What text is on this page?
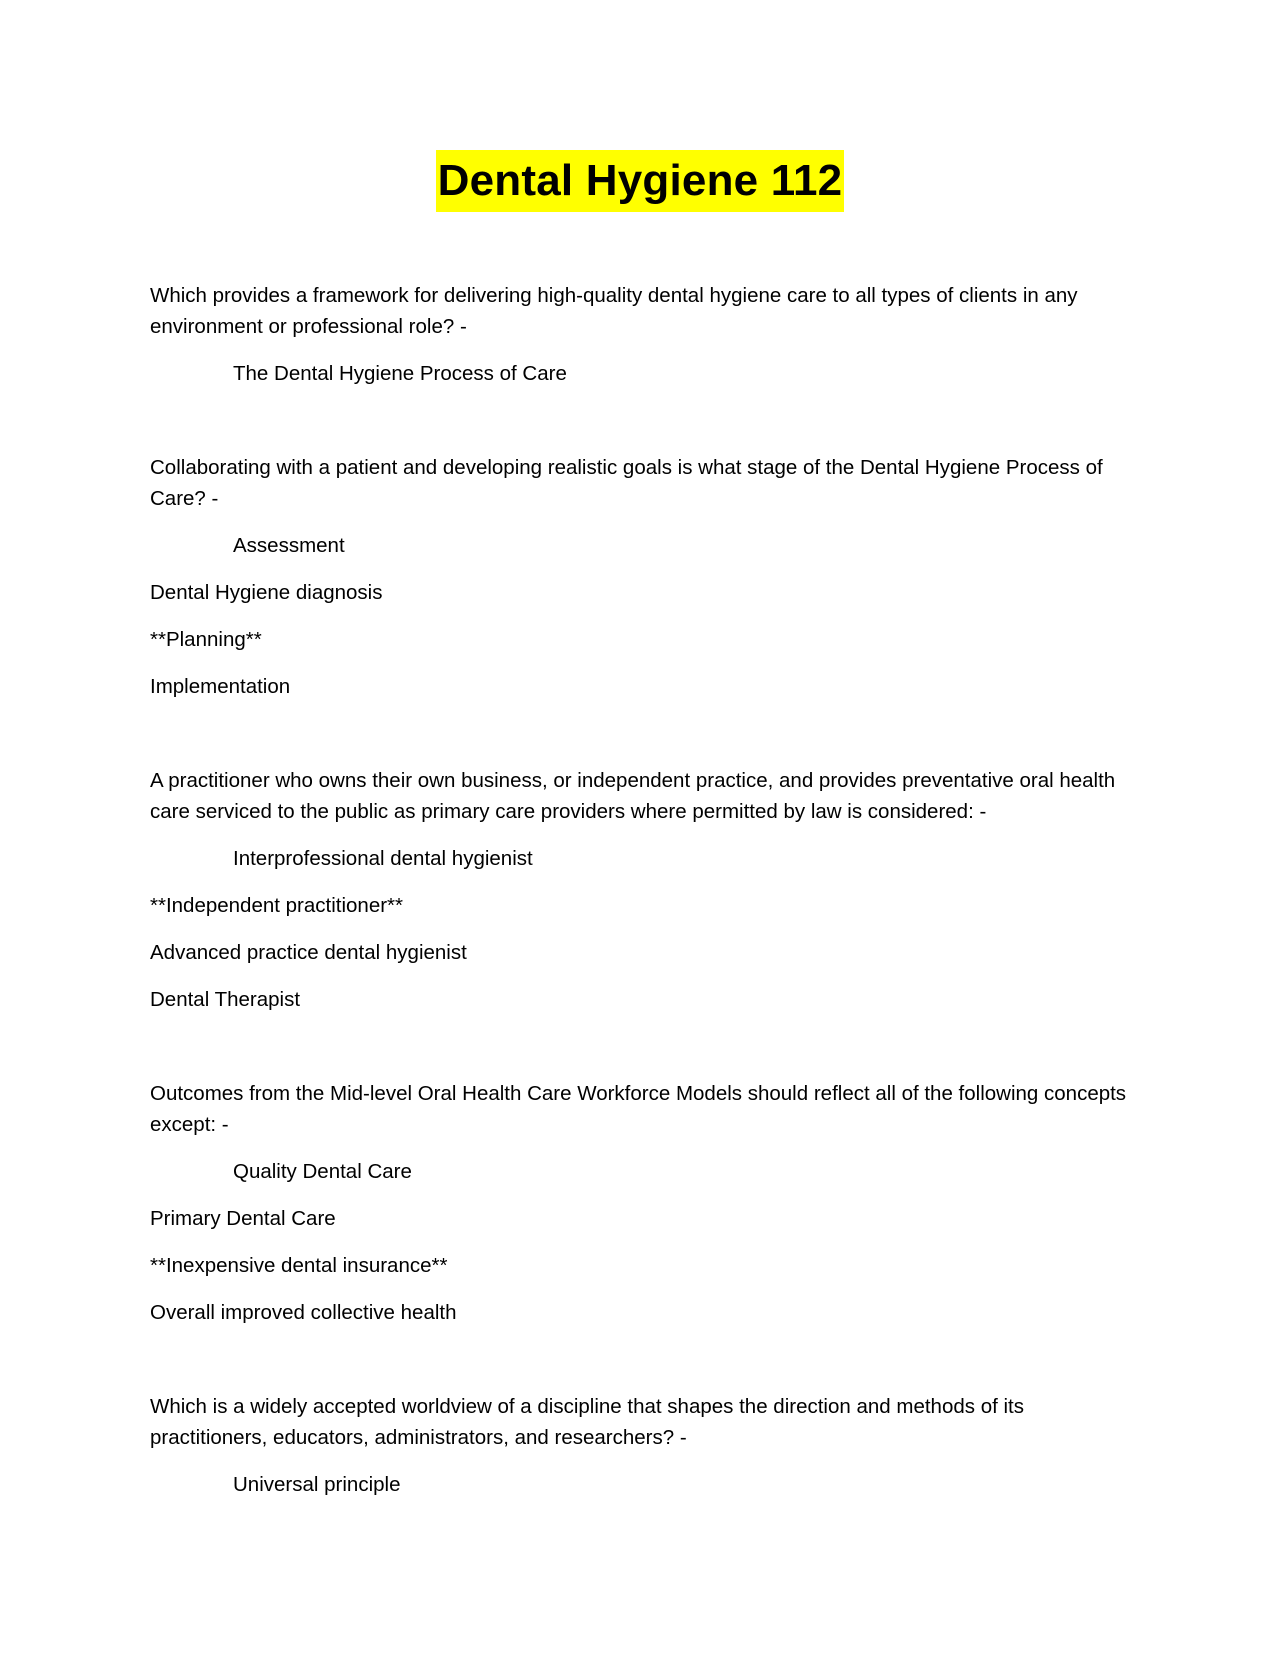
Dental Hygiene 112

Which provides a framework for delivering high-quality dental hygiene care to all types of clients in any environment or professional role? -

The Dental Hygiene Process of Care

Collaborating with a patient and developing realistic goals is what stage of the Dental Hygiene Process of Care? -

Assessment

Dental Hygiene diagnosis

**Planning**

Implementation

A practitioner who owns their own business, or independent practice, and provides preventative oral health care serviced to the public as primary care providers where permitted by law is considered: -

Interprofessional dental hygienist

**Independent practitioner**

Advanced practice dental hygienist

Dental Therapist

Outcomes from the Mid-level Oral Health Care Workforce Models should reflect all of the following concepts except: -

Quality Dental Care

Primary Dental Care

**Inexpensive dental insurance**

Overall improved collective health

Which is a widely accepted worldview of a discipline that shapes the direction and methods of its practitioners, educators, administrators, and researchers? -

Universal principle
